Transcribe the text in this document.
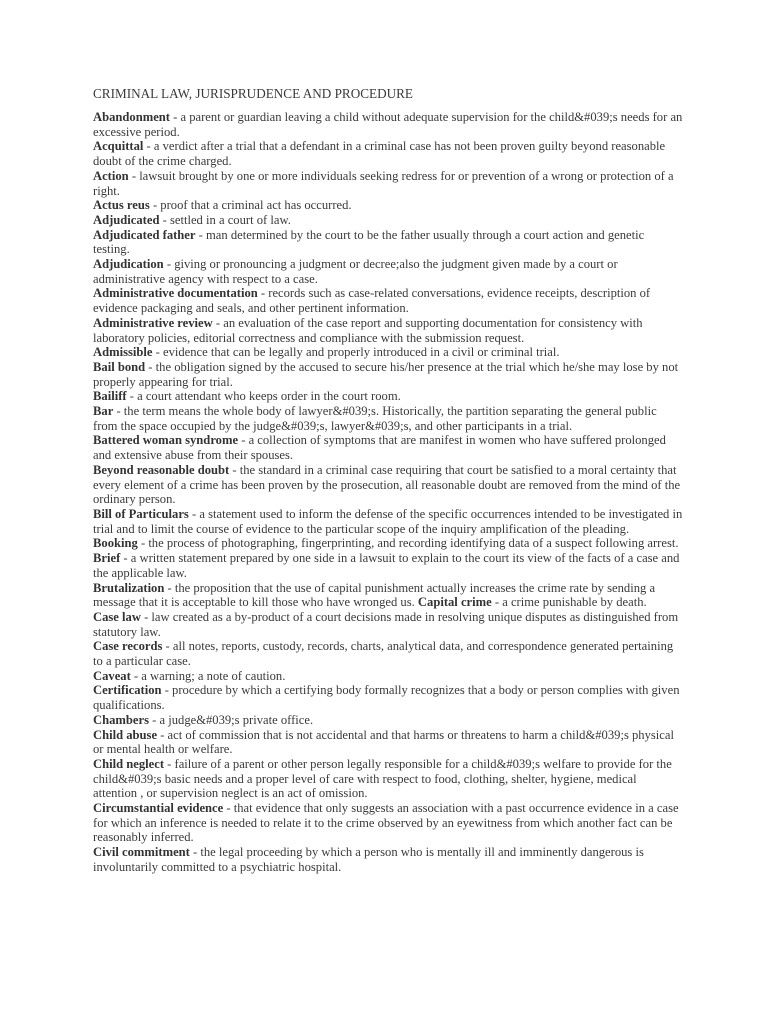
CRIMINAL LAW, JURISPRUDENCE AND PROCEDURE
Abandonment - a parent or guardian leaving a child without adequate supervision for the child&#039;s needs for an excessive period.
Acquittal - a verdict after a trial that a defendant in a criminal case has not been proven guilty beyond reasonable doubt of the crime charged.
Action - lawsuit brought by one or more individuals seeking redress for or prevention of a wrong or protection of a right.
Actus reus - proof that a criminal act has occurred.
Adjudicated - settled in a court of law.
Adjudicated father - man determined by the court to be the father usually through a court action and genetic testing.
Adjudication - giving or pronouncing a judgment or decree;also the judgment given made by a court or administrative agency with respect to a case.
Administrative documentation - records such as case-related conversations, evidence receipts, description of evidence packaging and seals, and other pertinent information.
Administrative review - an evaluation of the case report and supporting documentation for consistency with laboratory policies, editorial correctness and compliance with the submission request.
Admissible - evidence that can be legally and properly introduced in a civil or criminal trial.
Bail bond - the obligation signed by the accused to secure his/her presence at the trial which he/she may lose by not properly appearing for trial.
Bailiff - a court attendant who keeps order in the court room.
Bar - the term means the whole body of lawyer&#039;s. Historically, the partition separating the general public from the space occupied by the judge&#039;s, lawyer&#039;s, and other participants in a trial.
Battered woman syndrome - a collection of symptoms that are manifest in women who have suffered prolonged and extensive abuse from their spouses.
Beyond reasonable doubt - the standard in a criminal case requiring that court be satisfied to a moral certainty that every element of a crime has been proven by the prosecution, all reasonable doubt are removed from the mind of the ordinary person.
Bill of Particulars - a statement used to inform the defense of the specific occurrences intended to be investigated in trial and to limit the course of evidence to the particular scope of the inquiry amplification of the pleading.
Booking - the process of photographing, fingerprinting, and recording identifying data of a suspect following arrest.
Brief - a written statement prepared by one side in a lawsuit to explain to the court its view of the facts of a case and the applicable law.
Brutalization - the proposition that the use of capital punishment actually increases the crime rate by sending a message that it is acceptable to kill those who have wronged us. Capital crime - a crime punishable by death.
Case law - law created as a by-product of a court decisions made in resolving unique disputes as distinguished from statutory law.
Case records - all notes, reports, custody, records, charts, analytical data, and correspondence generated pertaining to a particular case.
Caveat - a warning; a note of caution.
Certification - procedure by which a certifying body formally recognizes that a body or person complies with given qualifications.
Chambers - a judge&#039;s private office.
Child abuse - act of commission that is not accidental and that harms or threatens to harm a child&#039;s physical or mental health or welfare.
Child neglect - failure of a parent or other person legally responsible for a child&#039;s welfare to provide for the child&#039;s basic needs and a proper level of care with respect to food, clothing, shelter, hygiene, medical attention , or supervision neglect is an act of omission.
Circumstantial evidence - that evidence that only suggests an association with a past occurrence evidence in a case for which an inference is needed to relate it to the crime observed by an eyewitness from which another fact can be reasonably inferred.
Civil commitment - the legal proceeding by which a person who is mentally ill and imminently dangerous is involuntarily committed to a psychiatric hospital.
